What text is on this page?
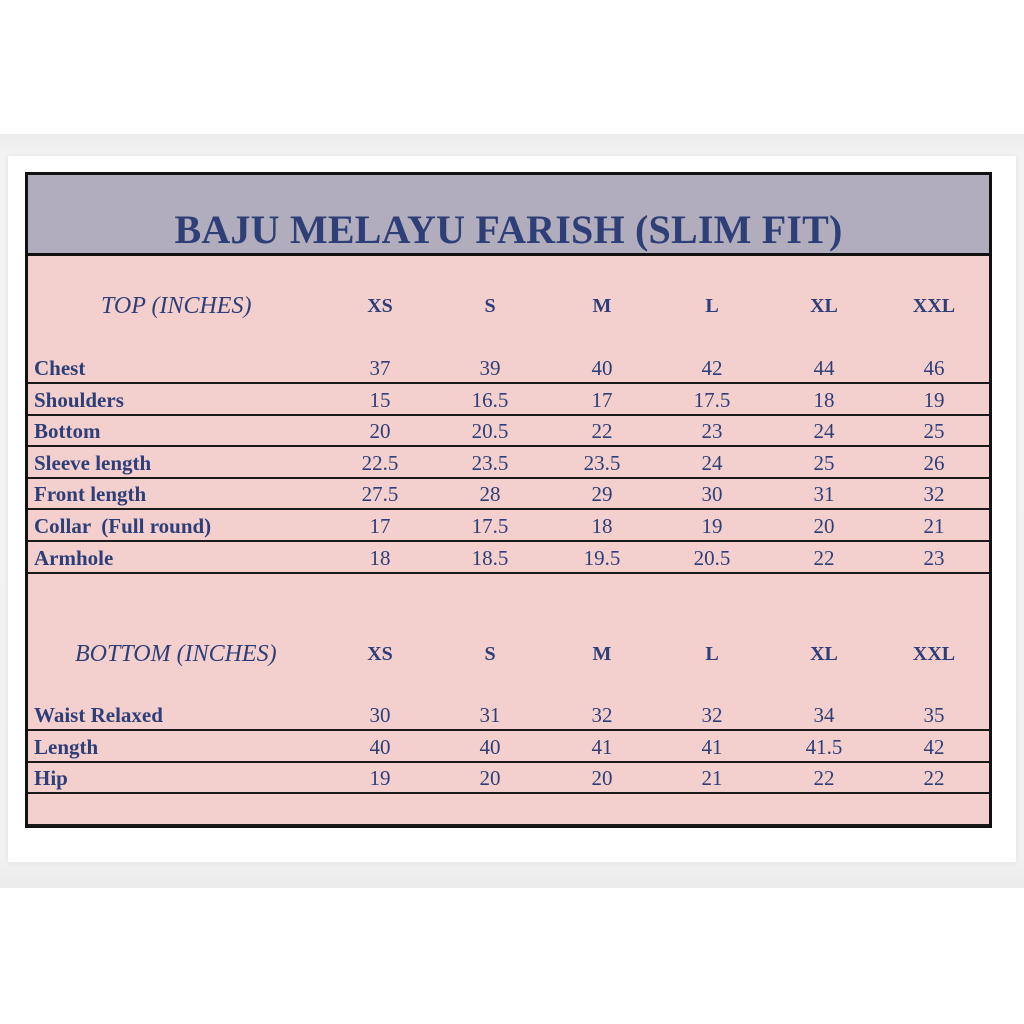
BAJU MELAYU FARISH (SLIM FIT)
TOP (INCHES)	XS	S	M	L	XL	XXL
Chest	37	39	40	42	44	46
Shoulders	15	16.5	17	17.5	18	19
Bottom	20	20.5	22	23	24	25
Sleeve length	22.5	23.5	23.5	24	25	26
Front length	27.5	28	29	30	31	32
Collar  (Full round)	17	17.5	18	19	20	21
Armhole	18	18.5	19.5	20.5	22	23
BOTTOM (INCHES)	XS	S	M	L	XL	XXL
Waist Relaxed	30	31	32	32	34	35
Length	40	40	41	41	41.5	42
Hip	19	20	20	21	22	22
